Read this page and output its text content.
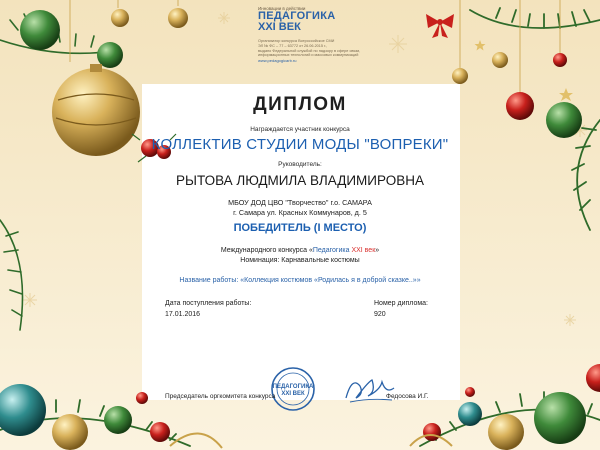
Инновации в действии
ПЕДАГОГИКА
XXI ВЕК
Организатор конкурса Всероссийское СМИ
ЭЛ № ФС – 77 – 63772 от 26.06.2015 г.,
выдано Федеральной службой по надзору в сфере связи,
информационных технологий и массовых коммуникаций
www.pedagogicarb.ru
ДИПЛОМ
Награждается участник конкурса
КОЛЛЕКТИВ СТУДИИ МОДЫ "ВОПРЕКИ"
Руководитель:
РЫТОВА ЛЮДМИЛА ВЛАДИМИРОВНА
МБОУ ДОД ЦВО "Творчество" г.о. САМАРА
г. Самара ул. Красных Коммунаров, д. 5
ПОБЕДИТЕЛЬ (I МЕСТО)
Международного конкурса «Педагогика XXI век»
Номинация: Карнавальные костюмы
Название работы: «Коллекция костюмов «Родилась я в доброй сказке..»»
Дата поступления работы:
17.01.2016
Номер диплома:
920
ПЕДАГОГИКА
XXI ВЕК
Председатель оргкомитета конкурса	Федосова И.Г.
